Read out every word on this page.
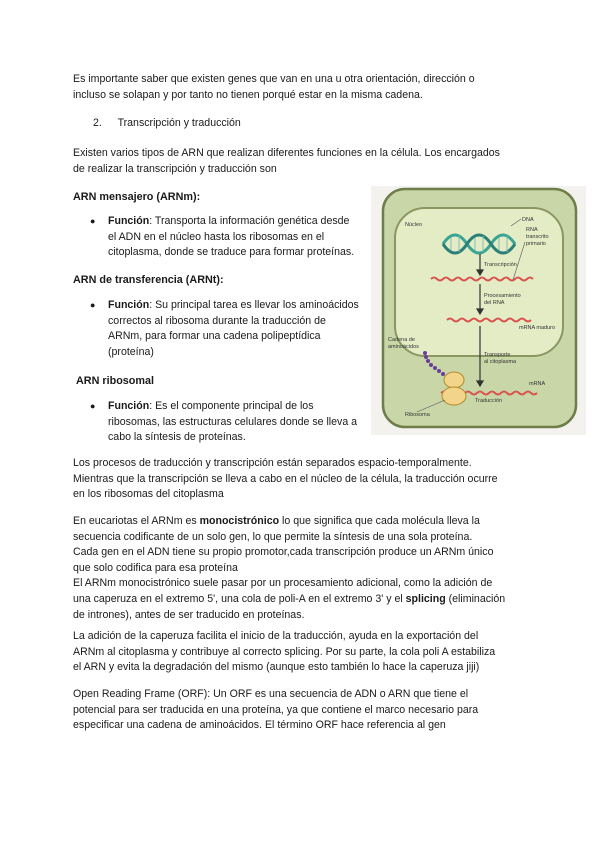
Es importante saber que existen genes que van en una u otra orientación, dirección o
incluso se solapan y por tanto no tienen porqué estar en la misma cadena.
2. Transcripción y traducción
Existen varios tipos de ARN que realizan diferentes funciones en la célula. Los encargados
de realizar la transcripción y traducción son
ARN mensajero (ARNm):
● Función: Transporta la información genética desde
el ADN en el núcleo hasta los ribosomas en el
citoplasma, donde se traduce para formar proteínas.
ARN de transferencia (ARNt):
● Función: Su principal tarea es llevar los aminoácidos
correctos al ribosoma durante la traducción de
ARNm, para formar una cadena polipeptídica
(proteína)
ARN ribosomal
● Función: Es el componente principal de los
ribosomas, las estructuras celulares donde se lleva a
cabo la síntesis de proteínas.
Núcleo
DNA
RNA
transcrito
primario
Transcripción
Procesamiento
del RNA
mRNA maduro
Cadena de
aminoácidos
Transporte
al citoplasma
mRNA
Traducción
Ribosoma
Los procesos de traducción y transcripción están separados espacio-temporalmente.
Mientras que la transcripción se lleva a cabo en el núcleo de la célula, la traducción ocurre
en los ribosomas del citoplasma
En eucariotas el ARNm es monocistrónico lo que significa que cada molécula lleva la
secuencia codificante de un solo gen, lo que permite la síntesis de una sola proteína.
Cada gen en el ADN tiene su propio promotor,cada transcripción produce un ARNm único
que solo codifica para esa proteína
El ARNm monocistrónico suele pasar por un procesamiento adicional, como la adición de
una caperuza en el extremo 5', una cola de poli-A en el extremo 3' y el splicing (eliminación
de intrones), antes de ser traducido en proteínas.
La adición de la caperuza facilita el inicio de la traducción, ayuda en la exportación del
ARNm al citoplasma y contribuye al correcto splicing. Por su parte, la cola poli A estabiliza
el ARN y evita la degradación del mismo (aunque esto también lo hace la caperuza jiji)
Open Reading Frame (ORF): Un ORF es una secuencia de ADN o ARN que tiene el
potencial para ser traducida en una proteína, ya que contiene el marco necesario para
especificar una cadena de aminoácidos. El término ORF hace referencia al gen
